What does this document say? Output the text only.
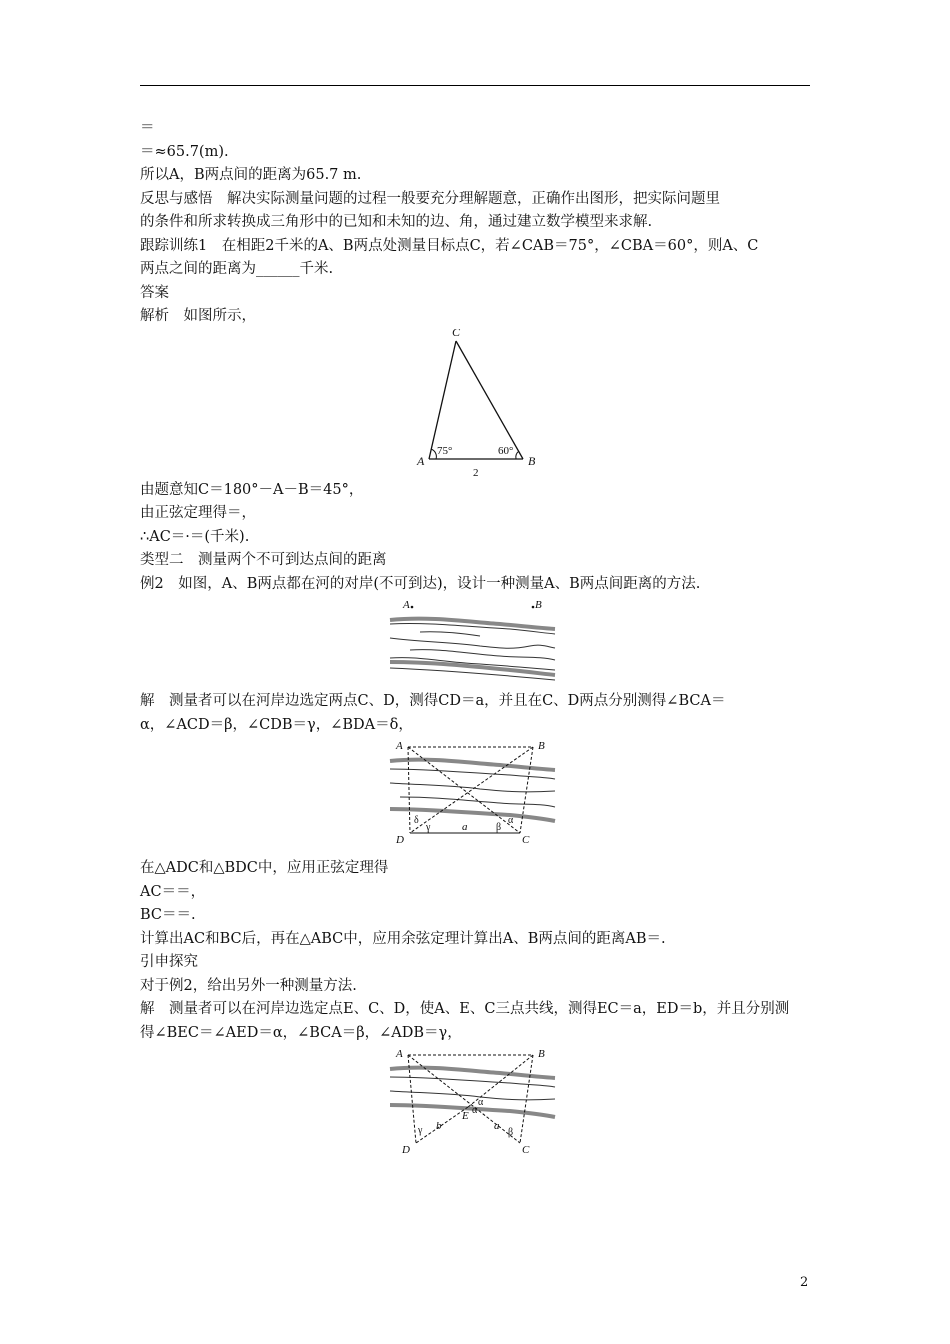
＝
＝≈65.7(m).
所以A，B两点间的距离为65.7 m.
反思与感悟　解决实际测量问题的过程一般要充分理解题意，正确作出图形，把实际问题里
的条件和所求转换成三角形中的已知和未知的边、角，通过建立数学模型来求解.
跟踪训练1　在相距2千米的A、B两点处测量目标点C，若∠CAB＝75°，∠CBA＝60°，则A、C
两点之间的距离为______千米.
答案
解析　如图所示，
C
A	B
75°	60°
2
由题意知C＝180°－A－B＝45°，
由正弦定理得＝，
∴AC＝·＝(千米).
类型二　测量两个不可到达点间的距离
例2　如图，A、B两点都在河的对岸(不可到达)，设计一种测量A、B两点间距离的方法.
A	B
解　测量者可以在河岸边选定两点C、D，测得CD＝a，并且在C、D两点分别测得∠BCA＝
α，∠ACD＝β，∠CDB＝γ，∠BDA＝δ，
A	B
D	C
a
δ
γ	β
α
在△ADC和△BDC中，应用正弦定理得
AC＝＝，
BC＝＝.
计算出AC和BC后，再在△ABC中，应用余弦定理计算出A、B两点间的距离AB＝.
引申探究
对于例2，给出另外一种测量方法.
解　测量者可以在河岸边选定点E、C、D，使A、E、C三点共线，测得EC＝a，ED＝b，并且分别测
得∠BEC＝∠AED＝α，∠BCA＝β，∠ADB＝γ，
A	B
D	C
E
a
b
α
α
β
γ
2
